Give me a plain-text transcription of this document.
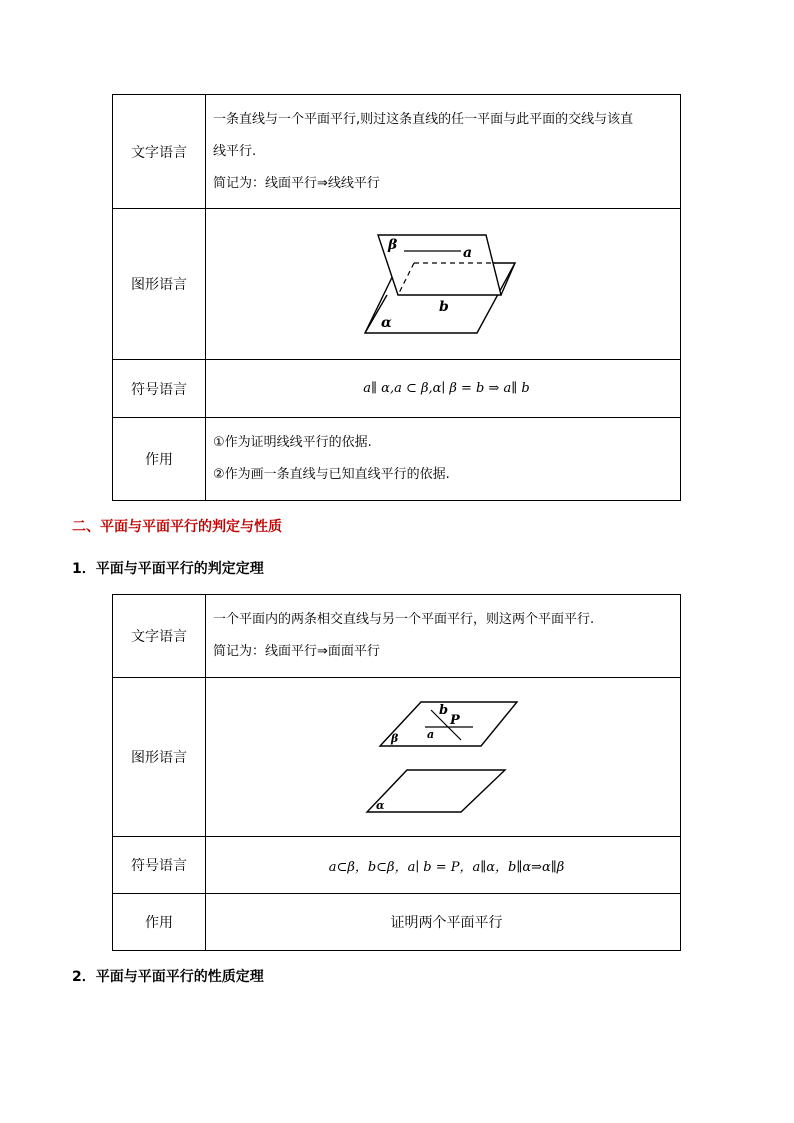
文字语言	一条直线与一个平面平行,则过这条直线的任一平面与此平面的交线与该直
线平行.
简记为：线面平行⇒线线平行

图形语言	β a
b
α

符号语言	a∥ α,a ⊂ β,α∣ β = b ⇒ a∥ b
作用	①作为证明线线平行的依据.
②作为画一条直线与已知直线平行的依据.
二、平面与平面平行的判定与性质
1．平面与平面平行的判定定理
文字语言	一个平面内的两条相交直线与另一个平面平行，则这两个平面平行.
简记为：线面平行⇒面面平行

图形语言	b
P
a
β
α

符号语言	a⊂β，b⊂β，a∣ b = P，a∥α，b∥α⇒α∥β
作用	证明两个平面平行
2．平面与平面平行的性质定理
